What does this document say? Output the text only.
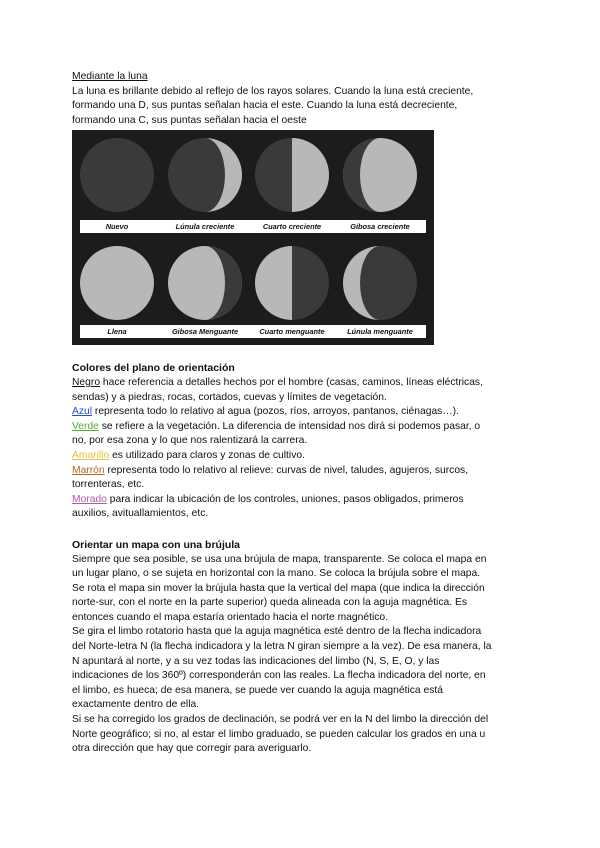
Mediante la luna

La luna es brillante debido al reflejo de los rayos solares. Cuando la luna está creciente,

formando una D, sus puntas señalan hacia el este. Cuando la luna está decreciente,

formando una C, sus puntas señalan hacia el oeste

Nuevo	Lúnula creciente	Cuarto creciente	Gibosa creciente
Llena	Gibosa Menguante	Cuarto menguante	Lúnula menguante
Colores del plano de orientación

Negro hace referencia a detalles hechos por el hombre (casas, caminos, líneas eléctricas,

sendas) y a piedras, rocas, cortados, cuevas y límites de vegetación.

Azul representa todo lo relativo al agua (pozos, ríos, arroyos, pantanos, ciénagas…).

Verde se refiere a la vegetación. La diferencia de intensidad nos dirá si podemos pasar, o

no, por esa zona y lo que nos ralentizará la carrera.

Amarillo es utilizado para claros y zonas de cultivo.

Marrón representa todo lo relativo al relieve: curvas de nivel, taludes, agujeros, surcos,

torrenteras, etc.

Morado para indicar la ubicación de los controles, uniones, pasos obligados, primeros

auxilios, avituallamientos, etc.

Orientar un mapa con una brújula

Siempre que sea posible, se usa una brújula de mapa, transparente. Se coloca el mapa en

un lugar plano, o se sujeta en horizontal con la mano. Se coloca la brújula sobre el mapa.

Se rota el mapa sin mover la brújula hasta que la vertical del mapa (que indica la dirección

norte-sur, con el norte en la parte superior) queda alineada con la aguja magnética. Es

entonces cuando el mapa estaría orientado hacia el norte magnético.

Se gira el limbo rotatorio hasta que la aguja magnética esté dentro de la flecha indicadora

del Norte-letra N (la flecha indicadora y la letra N giran siempre a la vez). De esa manera, la

N apuntará al norte, y a su vez todas las indicaciones del limbo (N, S, E, O, y las

indicaciones de los 360º) corresponderán con las reales. La flecha indicadora del norte, en

el limbo, es hueca; de esa manera, se puede ver cuando la aguja magnética está

exactamente dentro de ella.

Si se ha corregido los grados de declinación, se podrá ver en la N del limbo la dirección del

Norte geográfico; si no, al estar el limbo graduado, se pueden calcular los grados en una u

otra dirección que hay que corregir para averiguarlo.
